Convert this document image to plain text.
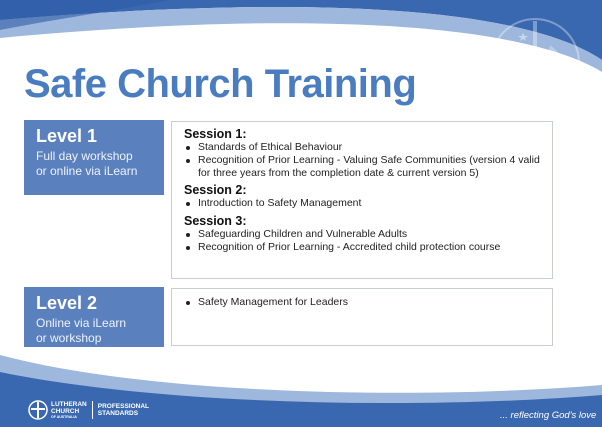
Safe Church Training
Level 1
Full day workshop
or online via iLearn
Session 1:
Standards of Ethical Behaviour
Recognition of Prior Learning - Valuing Safe Communities (version 4 valid for three years from the completion date & current version 5)
Session 2:
Introduction to Safety Management
Session 3:
Safeguarding Children and Vulnerable Adults
Recognition of Prior Learning - Accredited child protection course
Level 2
Online via iLearn
or workshop
Safety Management for Leaders
LUTHERAN
CHURCH
OF AUSTRALIA
PROFESSIONAL
STANDARDS	... reflecting God's love
